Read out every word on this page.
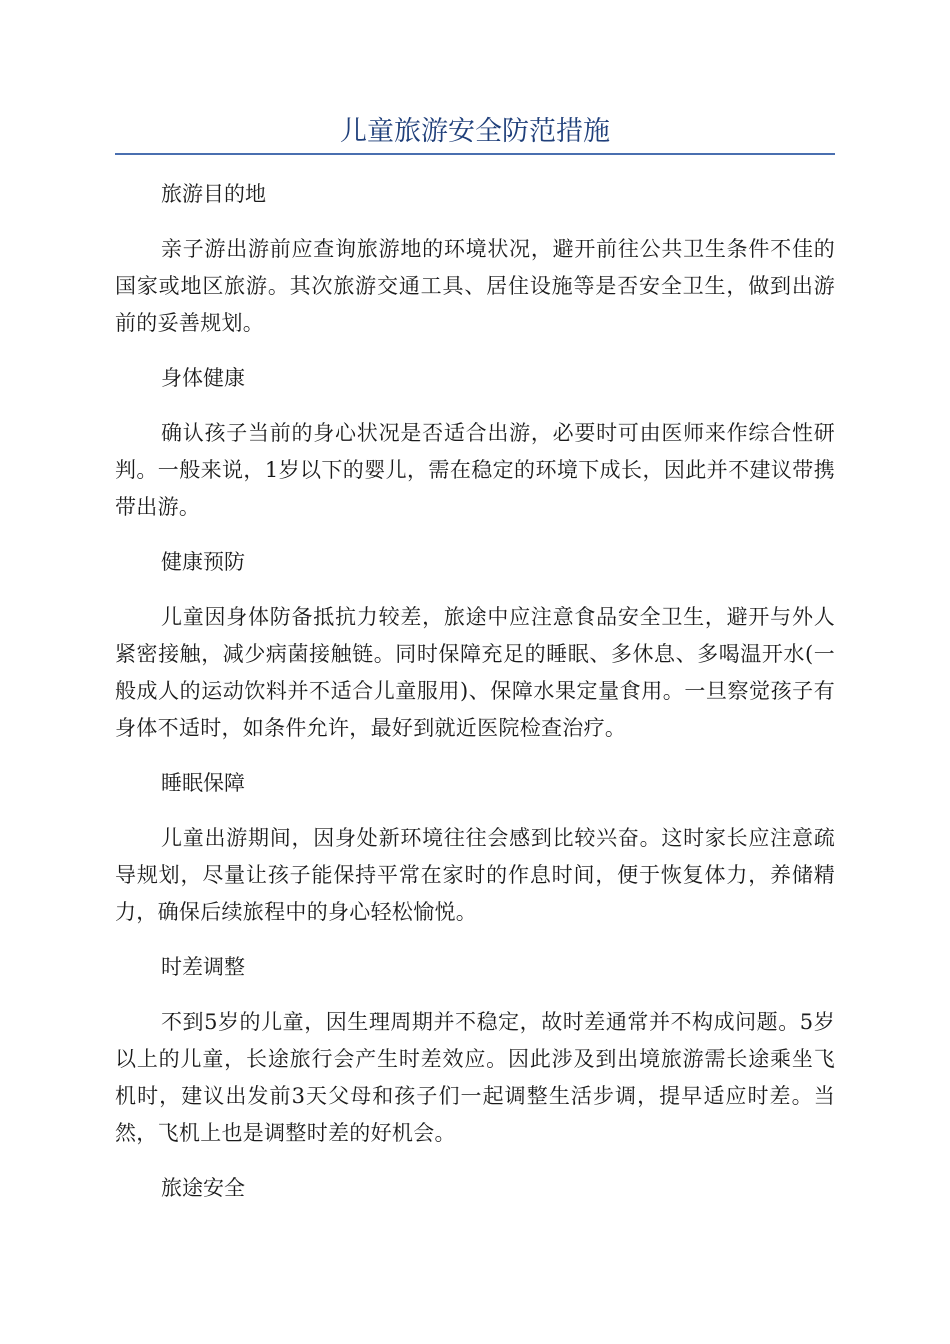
儿童旅游安全防范措施
旅游目的地

亲子游出游前应查询旅游地的环境状况，避开前往公共卫生条件不佳的国家或地区旅游。其次旅游交通工具、居住设施等是否安全卫生，做到出游前的妥善规划。

身体健康

确认孩子当前的身心状况是否适合出游，必要时可由医师来作综合性研判。一般来说，1岁以下的婴儿，需在稳定的环境下成长，因此并不建议带携带出游。

健康预防

儿童因身体防备抵抗力较差，旅途中应注意食品安全卫生，避开与外人紧密接触，减少病菌接触链。同时保障充足的睡眠、多休息、多喝温开水(一般成人的运动饮料并不适合儿童服用)、保障水果定量食用。一旦察觉孩子有身体不适时，如条件允许，最好到就近医院检查治疗。

睡眠保障

儿童出游期间，因身处新环境往往会感到比较兴奋。这时家长应注意疏导规划，尽量让孩子能保持平常在家时的作息时间，便于恢复体力，养储精力，确保后续旅程中的身心轻松愉悦。

时差调整

不到5岁的儿童，因生理周期并不稳定，故时差通常并不构成问题。5岁以上的儿童，长途旅行会产生时差效应。因此涉及到出境旅游需长途乘坐飞机时，建议出发前3天父母和孩子们一起调整生活步调，提早适应时差。当然，飞机上也是调整时差的好机会。

旅途安全
